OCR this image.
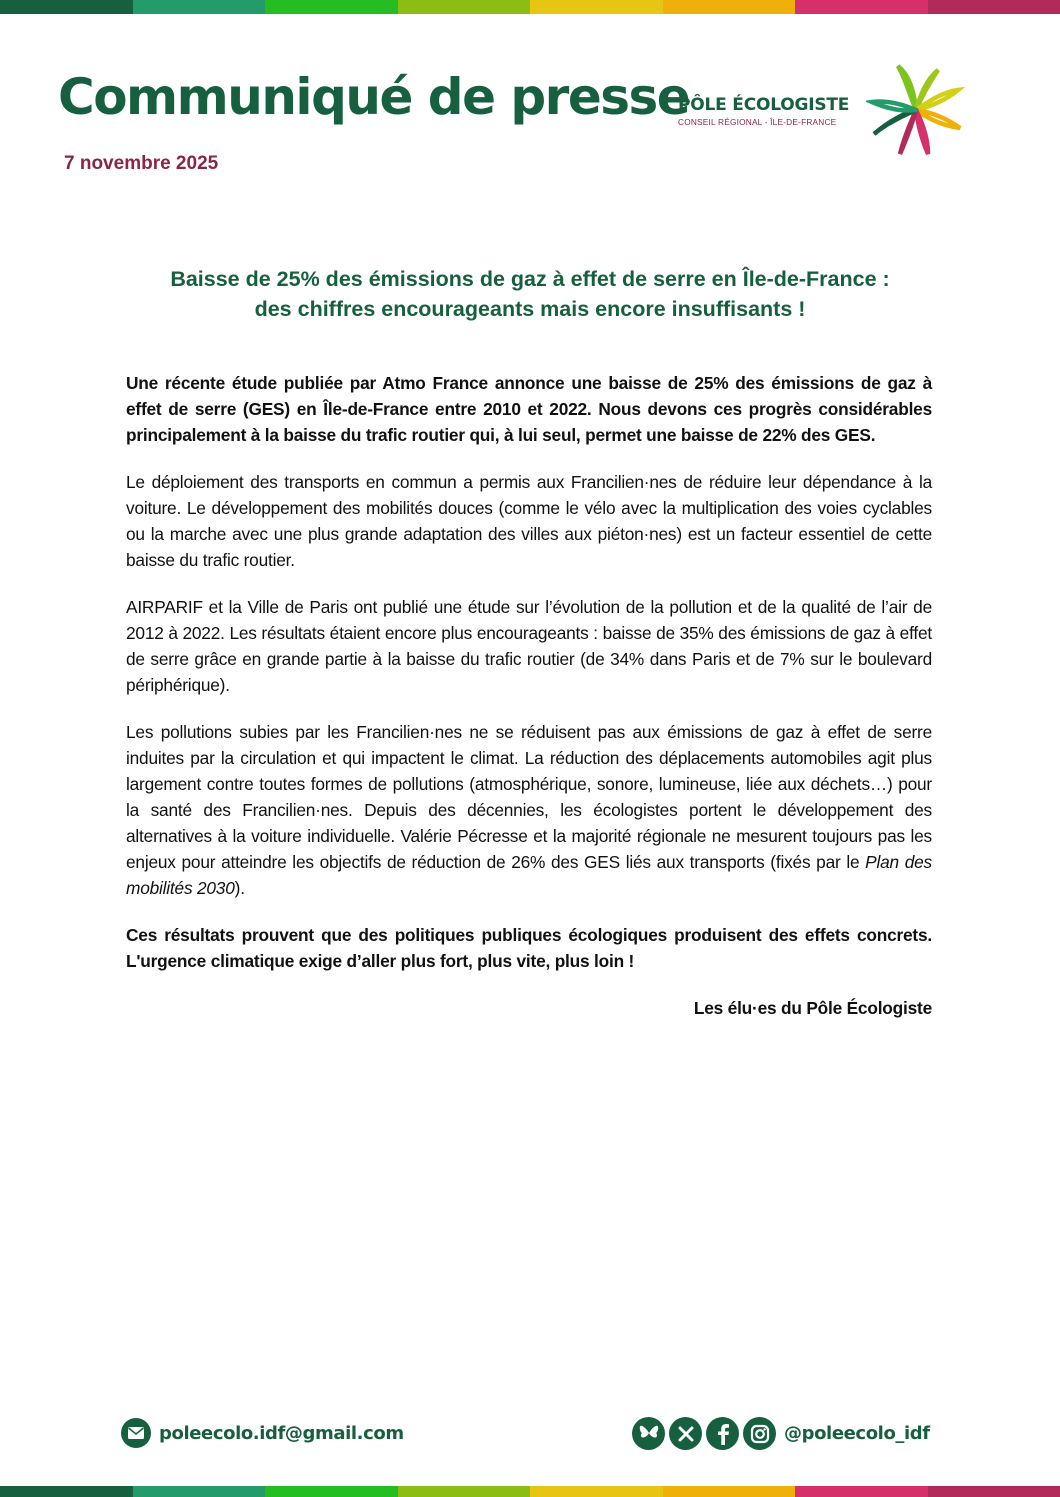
Communiqué de presse
7 novembre 2025
PÔLE ÉCOLOGISTE
CONSEIL RÉGIONAL - ÎLE-DE-FRANCE
Baisse de 25% des émissions de gaz à effet de serre en Île-de-France :
des chiffres encourageants mais encore insuffisants !

Une récente étude publiée par Atmo France annonce une baisse de 25% des émissions de gaz à effet de serre (GES) en Île-de-France entre 2010 et 2022. Nous devons ces progrès considérables principalement à la baisse du trafic routier qui, à lui seul, permet une baisse de 22% des GES.

Le déploiement des transports en commun a permis aux Francilien·nes de réduire leur dépendance à la voiture. Le développement des mobilités douces (comme le vélo avec la multiplication des voies cyclables ou la marche avec une plus grande adaptation des villes aux piéton·nes) est un facteur essentiel de cette baisse du trafic routier.

AIRPARIF et la Ville de Paris ont publié une étude sur l’évolution de la pollution et de la qualité de l’air de 2012 à 2022. Les résultats étaient encore plus encourageants : baisse de 35% des émissions de gaz à effet de serre grâce en grande partie à la baisse du trafic routier (de 34% dans Paris et de 7% sur le boulevard périphérique).

Les pollutions subies par les Francilien·nes ne se réduisent pas aux émissions de gaz à effet de serre induites par la circulation et qui impactent le climat. La réduction des déplacements automobiles agit plus largement contre toutes formes de pollutions (atmosphérique, sonore, lumineuse, liée aux déchets…) pour la santé des Francilien·nes. Depuis des décennies, les écologistes portent le développement des alternatives à la voiture individuelle. Valérie Pécresse et la majorité régionale ne mesurent toujours pas les enjeux pour atteindre les objectifs de réduction de 26% des GES liés aux transports (fixés par le Plan des mobilités 2030).

Ces résultats prouvent que des politiques publiques écologiques produisent des effets concrets. L'urgence climatique exige d’aller plus fort, plus vite, plus loin !

Les élu·es du Pôle Écologiste

poleecolo.idf@gmail.com	@poleecolo_idf
